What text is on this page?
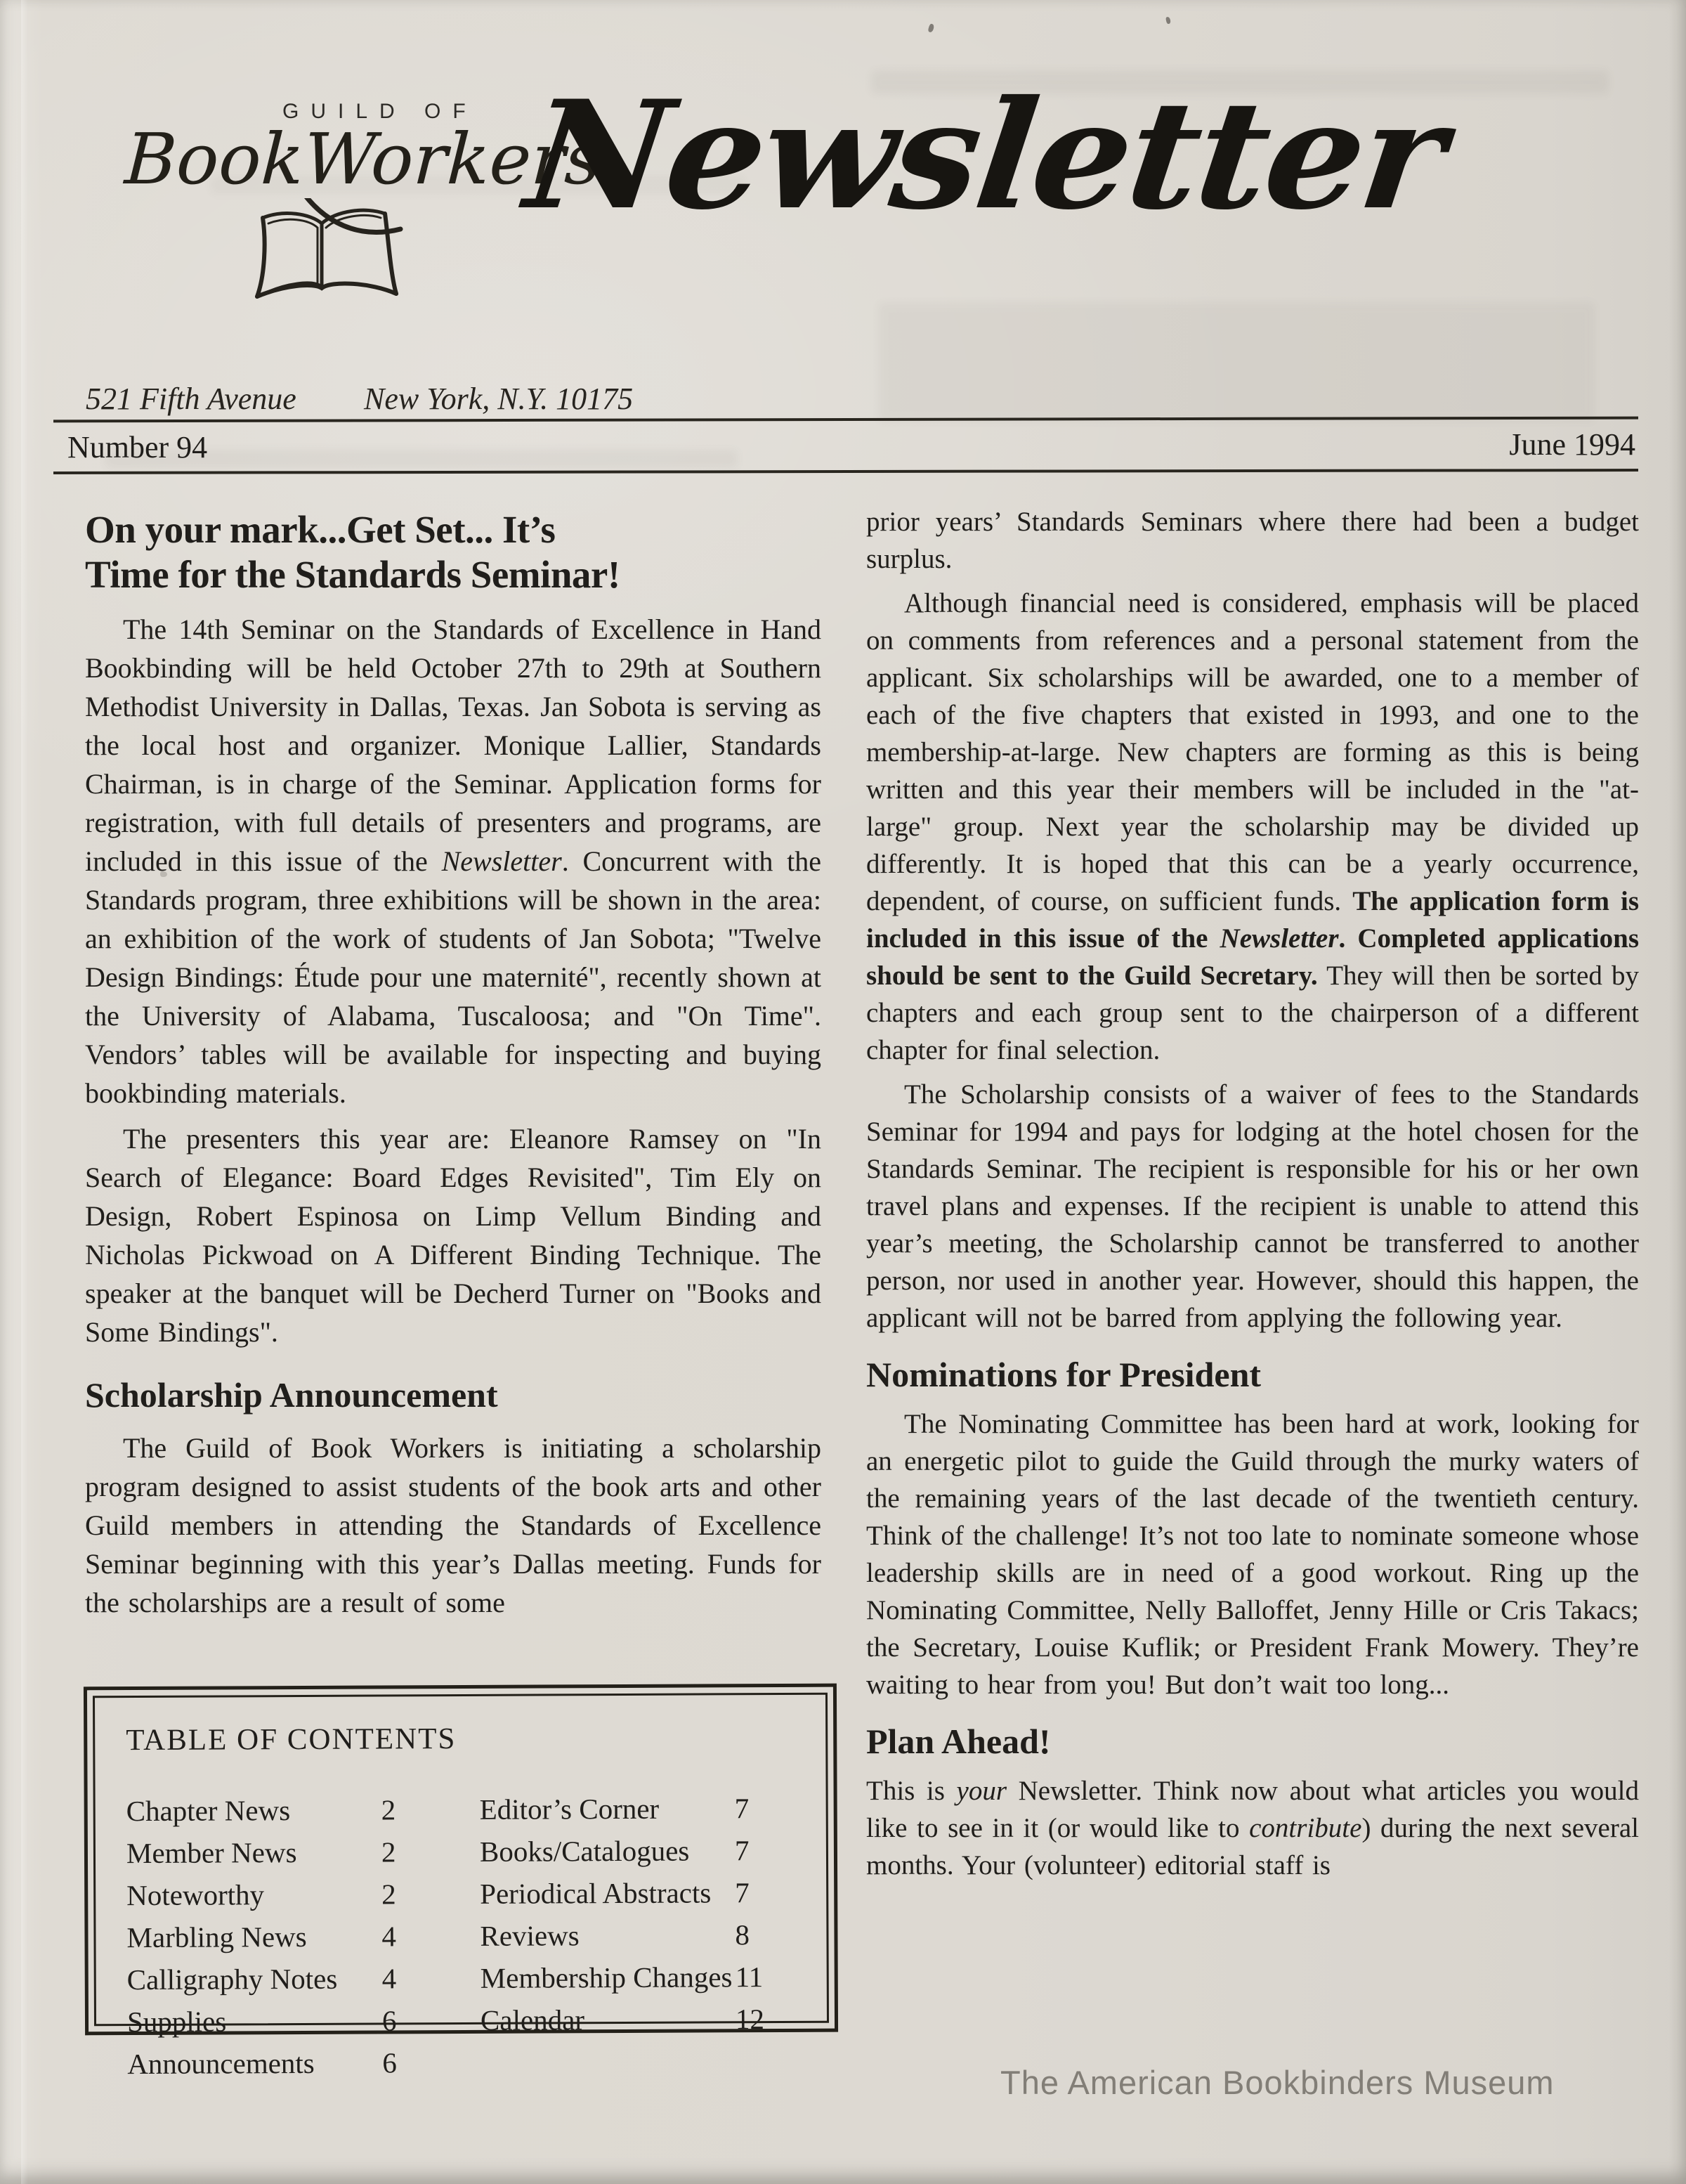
GUILD OF
BookWorkers
Newsletter
521 Fifth Avenue New York, N.Y. 10175
Number 94	June 1994
On your mark...Get Set... It’s
Time for the Standards Seminar!

The 14th Seminar on the Standards of Excellence in Hand Bookbinding will be held October 27th to 29th at Southern Methodist University in Dallas, Texas. Jan Sobota is serving as the local host and organizer. Monique Lallier, Standards Chairman, is in charge of the Seminar. Application forms for registration, with full details of presenters and programs, are included in this issue of the Newsletter. Concurrent with the Standards program, three exhibitions will be shown in the area: an exhibition of the work of students of Jan Sobota; "Twelve Design Bindings: Étude pour une maternité", recently shown at the University of Alabama, Tuscaloosa; and "On Time". Vendors’ tables will be available for inspecting and buying bookbinding materials.

The presenters this year are: Eleanore Ramsey on "In Search of Elegance: Board Edges Revisited", Tim Ely on Design, Robert Espinosa on Limp Vellum Binding and Nicholas Pickwoad on A Different Binding Technique. The speaker at the banquet will be Decherd Turner on "Books and Some Bindings".

Scholarship Announcement

The Guild of Book Workers is initiating a scholarship program designed to assist students of the book arts and other Guild members in attending the Standards of Excellence Seminar beginning with this year’s Dallas meeting. Funds for the scholarships are a result of some

TABLE OF CONTENTS
Chapter News	2
Member News	2
Noteworthy	2
Marbling News	4
Calligraphy Notes	4
Supplies	6
Announcements	6
Editor’s Corner	7
Books/Catalogues	7
Periodical Abstracts 7
Reviews	8
Membership Changes 11
Calendar	12

prior years’ Standards Seminars where there had been a budget surplus.

Although financial need is considered, emphasis will be placed on comments from references and a personal statement from the applicant. Six scholarships will be awarded, one to a member of each of the five chapters that existed in 1993, and one to the membership-at-large. New chapters are forming as this is being written and this year their members will be included in the "at-large" group. Next year the scholarship may be divided up differently. It is hoped that this can be a yearly occurrence, dependent, of course, on sufficient funds. The application form is included in this issue of the Newsletter. Completed applications should be sent to the Guild Secretary. They will then be sorted by chapters and each group sent to the chairperson of a different chapter for final selection.

The Scholarship consists of a waiver of fees to the Standards Seminar for 1994 and pays for lodging at the hotel chosen for the Standards Seminar. The recipient is responsible for his or her own travel plans and expenses. If the recipient is unable to attend this year’s meeting, the Scholarship cannot be transferred to another person, nor used in another year. However, should this happen, the applicant will not be barred from applying the following year.

Nominations for President

The Nominating Committee has been hard at work, looking for an energetic pilot to guide the Guild through the murky waters of the remaining years of the last decade of the twentieth century. Think of the challenge! It’s not too late to nominate someone whose leadership skills are in need of a good workout. Ring up the Nominating Committee, Nelly Balloffet, Jenny Hille or Cris Takacs; the Secretary, Louise Kuflik; or President Frank Mowery. They’re waiting to hear from you! But don’t wait too long...

Plan Ahead!

This is your Newsletter. Think now about what articles you would like to see in it (or would like to contribute) during the next several months. Your (volunteer) editorial staff is

The American Bookbinders Museum
